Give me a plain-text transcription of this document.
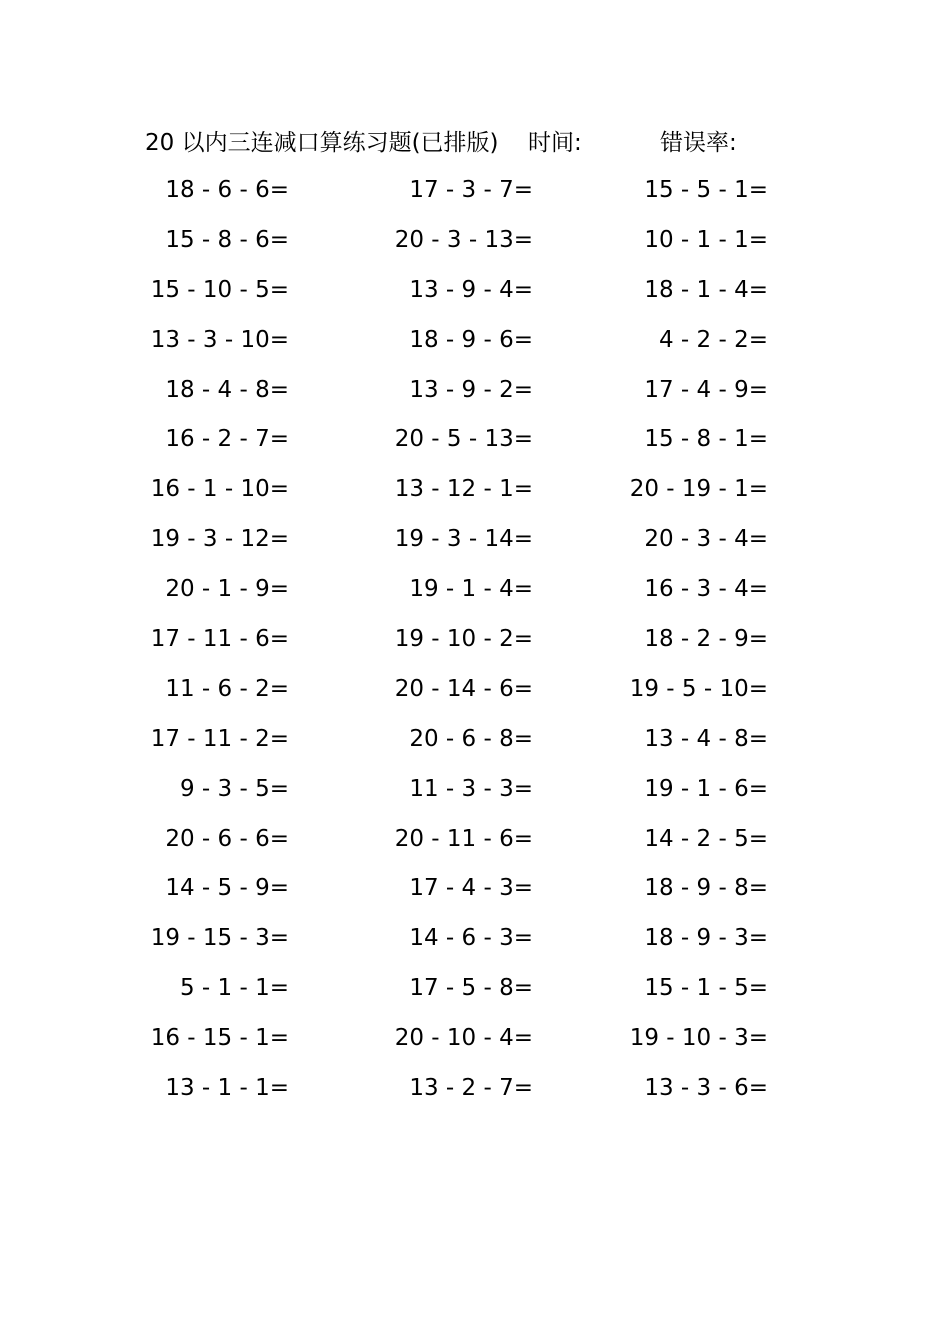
20 以内三连减口算练习题(已排版) 时间:	错误率:
18 - 6 - 6=	17 - 3 - 7=	15 - 5 - 1=
15 - 8 - 6=	20 - 3 - 13=	10 - 1 - 1=
15 - 10 - 5=	13 - 9 - 4=	18 - 1 - 4=
13 - 3 - 10=	18 - 9 - 6=	4 - 2 - 2=
18 - 4 - 8=	13 - 9 - 2=	17 - 4 - 9=
16 - 2 - 7=	20 - 5 - 13=	15 - 8 - 1=
16 - 1 - 10=	13 - 12 - 1=	20 - 19 - 1=
19 - 3 - 12=	19 - 3 - 14=	20 - 3 - 4=
20 - 1 - 9=	19 - 1 - 4=	16 - 3 - 4=
17 - 11 - 6=	19 - 10 - 2=	18 - 2 - 9=
11 - 6 - 2=	20 - 14 - 6=	19 - 5 - 10=
17 - 11 - 2=	20 - 6 - 8=	13 - 4 - 8=
9 - 3 - 5=	11 - 3 - 3=	19 - 1 - 6=
20 - 6 - 6=	20 - 11 - 6=	14 - 2 - 5=
14 - 5 - 9=	17 - 4 - 3=	18 - 9 - 8=
19 - 15 - 3=	14 - 6 - 3=	18 - 9 - 3=
5 - 1 - 1=	17 - 5 - 8=	15 - 1 - 5=
16 - 15 - 1=	20 - 10 - 4=	19 - 10 - 3=
13 - 1 - 1=	13 - 2 - 7=	13 - 3 - 6=
